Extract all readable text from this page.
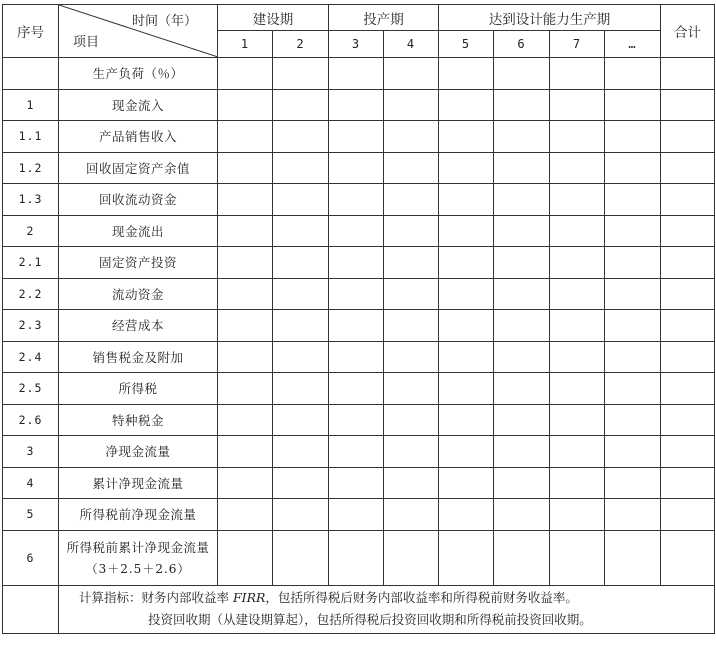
序号	时间（年）
项目	建设期		投产期		达到设计能力生产期				合计
		1	2	3	4	5	6	7	…	
	生产负荷（％）									
1	现金流入									
1.1	产品销售收入									
1.2	回收固定资产余值									
1.3	回收流动资金									
2	现金流出									
2.1	固定资产投资									
2.2	流动资金									
2.3	经营成本									
2.4	销售税金及附加									
2.5	所得税									
2.6	特种税金									
3	净现金流量									
4	累计净现金流量									
5	所得税前净现金流量									
6	所得税前累计净现金流量
（3＋2.5＋2.6）									

	计算指标：财务内部收益率 FIRR，包括所得税后财务内部收益率和所得税前财务收益率。
投资回收期（从建设期算起），包括所得税后投资回收期和所得税前投资回收期。									
